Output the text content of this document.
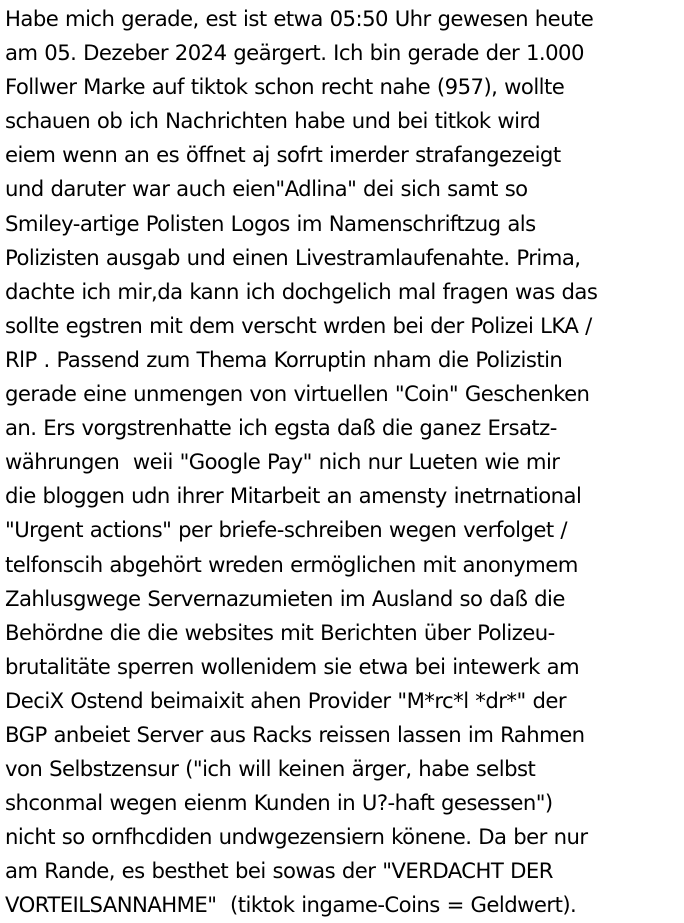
Habe mich gerade, est ist etwa 05:50 Uhr gewesen heute
am 05. Dezeber 2024 geärgert. Ich bin gerade der 1.000
Follwer Marke auf tiktok schon recht nahe (957), wollte
schauen ob ich Nachrichten habe und bei titkok wird
eiem wenn an es öffnet aj sofrt imerder strafangezeigt
und daruter war auch eien"Adlina" dei sich samt so
Smiley-artige Polisten Logos im Namenschriftzug als
Polizisten ausgab und einen Livestramlaufenahte. Prima,
dachte ich mir,da kann ich dochgelich mal fragen was das
sollte egstren mit dem verscht wrden bei der Polizei LKA /
RlP . Passend zum Thema Korruptin nham die Polizistin
gerade eine unmengen von virtuellen "Coin" Geschenken
an. Ers vorgstrenhatte ich egsta daß die ganez Ersatz-
währungen  weii "Google Pay" nich nur Lueten wie mir
die bloggen udn ihrer Mitarbeit an amensty inetrnational
"Urgent actions" per briefe-schreiben wegen verfolget /
telfonscih abgehört wreden ermöglichen mit anonymem
Zahlusgwege Servernazumieten im Ausland so daß die
Behördne die die websites mit Berichten über Polizeu-
brutalitäte sperren wollenidem sie etwa bei intewerk am
DeciX Ostend beimaixit ahen Provider "M*rc*l *dr*" der
BGP anbeiet Server aus Racks reissen lassen im Rahmen
von Selbstzensur ("ich will keinen ärger, habe selbst
shconmal wegen eienm Kunden in U?-haft gesessen")
nicht so ornfhcdiden undwgezensiern könene. Da ber nur
am Rande, es besthet bei sowas der "VERDACHT DER
VORTEILSANNAHME"  (tiktok ingame-Coins = Geldwert).
